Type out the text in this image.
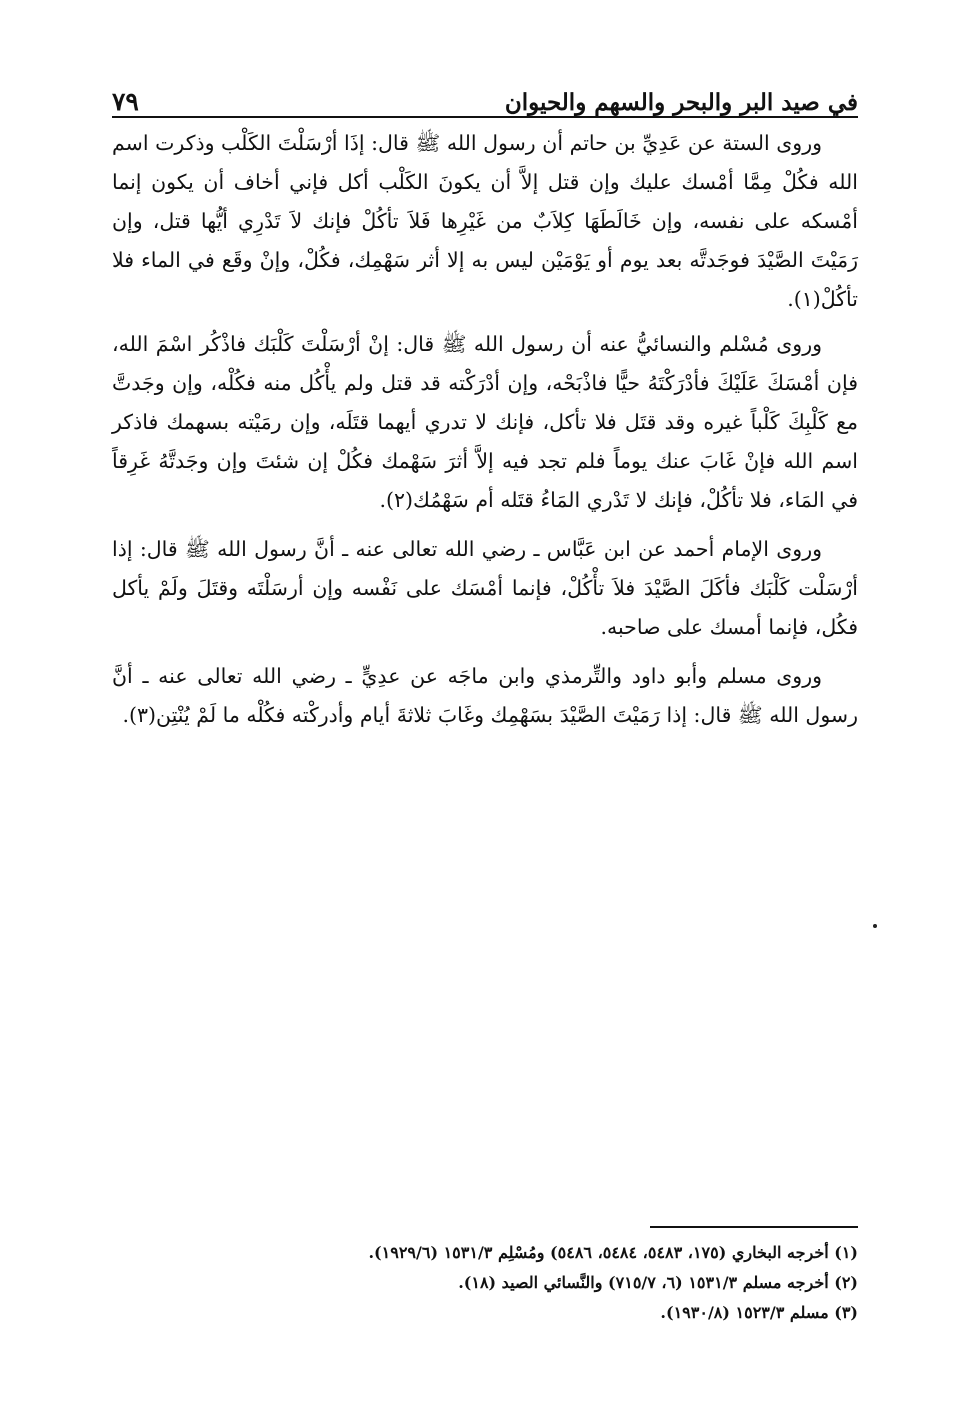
في صيد البر والبحر والسهم والحيوان
٧٩

وروى الستة عن عَدِيِّ بن حاتم أن رسول الله ﷺ قال: إذَا أرْسَلْتَ الكَلْب وذكرت اسم الله فكُلْ مِمَّا أمْسك عليك وإن قتل إلاَّ أن يكونَ الكَلْب أكل فإني أخاف أن يكون إنما أمْسكه على نفسه، وإن خَالَطَهَا كِلاَبٌ من غَيْرِها فَلاَ تأكُلْ فإنك لاَ تَدْرِي أيُّها قتل، وإن رَمَيْتَ الصَّيْدَ فوجَدتَّه بعد يوم أو يَوْمَيْن ليس به إلا أثر سَهْمِك، فكُلْ، وإنْ وقَع في الماء فلا تأكُلْ(١).

وروى مُسْلم والنسائيُّ عنه أن رسول الله ﷺ قال: إنْ أرْسَلْتَ كَلْبَك فاذْكُر اسْمَ الله، فإن أمْسَكَ عَلَيْكَ فأدْرَكْتَهُ حيًّا فاذْبَحْه، وإن أدْرَكْته قد قتل ولم يأْكُل منه فكُلْه، وإن وجَدتَّ مع كَلْبِكَ كَلْباً غيره وقد قتَل فلا تأكل، فإنك لا تدري أيهما قتَلَه، وإن رمَيْته بسهمك فاذكر اسم الله فإنْ غَابَ عنك يوماً فلم تجد فيه إلاَّ أثرَ سَهْمك فكُلْ إن شئتَ وإن وجَدتَّهُ غَرِقاً في المَاء، فلا تأكُلْ، فإنك لا تَدْري المَاءُ قتَله أم سَهْمُك(٢).

وروى الإمام أحمد عن ابن عَبَّاس ـ رضي الله تعالى عنه ـ أنَّ رسول الله ﷺ قال: إذا أرْسَلْت كَلْبَك فأكَلَ الصَّيْدَ فلاَ تأْكُلْ، فإنما أمْسَك على نَفْسه وإن أرسَلْتَه وقتَلَ ولَمْ يأكل فكُل، فإنما أمسك على صاحبه.

وروى مسلم وأبو داود والتِّرمذي وابن ماجَه عن عدِيٍّ ـ رضي الله تعالى عنه ـ أنَّ رسول الله ﷺ قال: إذا رَمَيْتَ الصَّيْدَ بسَهْمِك وغَابَ ثلاثةَ أيام وأدركْته فكُلْه ما لَمْ يُنْتِن(٣).

(١) أخرجه البخاري (١٧٥، ٥٤٨٣، ٥٤٨٤، ٥٤٨٦) ومُسْلِم ١٥٣١/٣ (١٩٢٩/٦).

(٢) أخرجه مسلم ١٥٣١/٣ (٦، ٧١٥/٧) والنَّسائي الصيد (١٨).

(٣) مسلم ١٥٢٣/٣ (١٩٣٠/٨).
